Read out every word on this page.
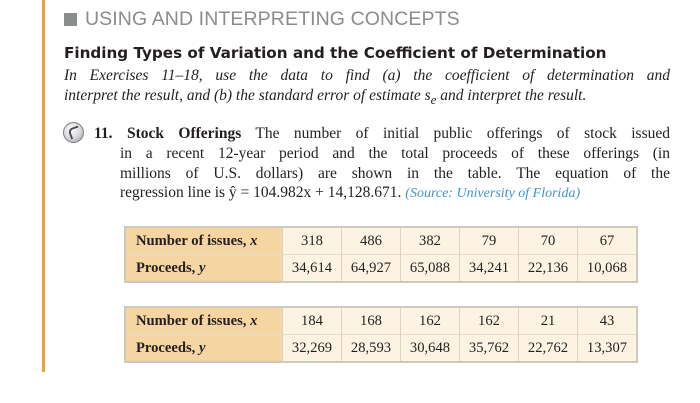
USING AND INTERPRETING CONCEPTS
Finding Types of Variation and the Coefficient of Determination
In Exercises 11–18, use the data to find (a) the coefficient of determination and
interpret the result, and (b) the standard error of estimate $s_e$ and interpret the result.

11. Stock Offerings The number of initial public offerings of stock issued

in a recent 12-year period and the total proceeds of these offerings (in

millions of U.S. dollars) are shown in the table. The equation of the

regression line is ŷ = 104.982x + 14,128.671. (Source: University of Florida)

Number of issues, x	318	486	382	79	70	67
Proceeds, y	34,614	64,927	65,088	34,241	22,136	10,068
Number of issues, x	184	168	162	162	21	43
Proceeds, y	32,269	28,593	30,648	35,762	22,762	13,307
